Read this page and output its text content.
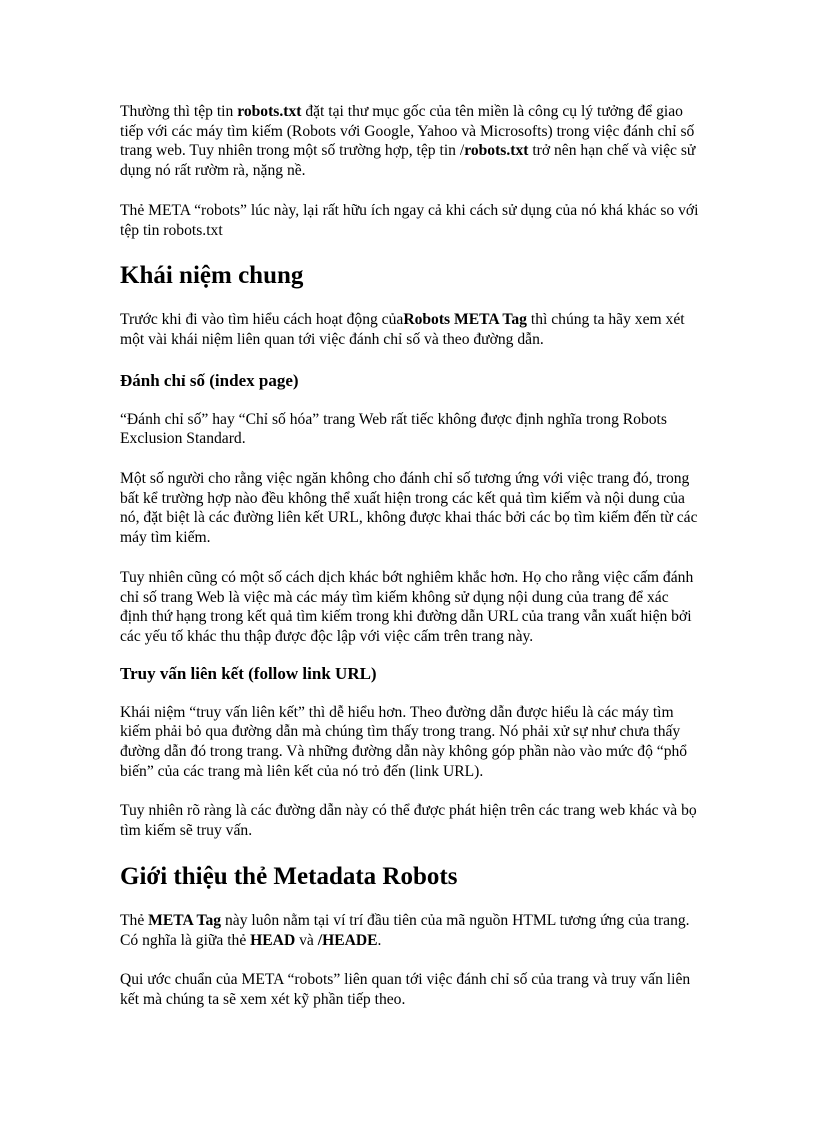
Thường thì tệp tin robots.txt đặt tại thư mục gốc của tên miền là công cụ lý tưởng để giao tiếp với các máy tìm kiếm (Robots với Google, Yahoo và Microsofts) trong việc đánh chỉ số trang web. Tuy nhiên trong một số trường hợp, tệp tin /robots.txt trở nên hạn chế và việc sử dụng nó rất rườm rà, nặng nề.

Thẻ META “robots” lúc này, lại rất hữu ích ngay cả khi cách sử dụng của nó khá khác so với tệp tin robots.txt

Khái niệm chung

Trước khi đi vào tìm hiểu cách hoạt động củaRobots META Tag thì chúng ta hãy xem xét một vài khái niệm liên quan tới việc đánh chỉ số và theo đường dẫn.

Đánh chỉ số (index page)

“Đánh chỉ số” hay “Chỉ số hóa” trang Web rất tiếc không được định nghĩa trong Robots Exclusion Standard.

Một số người cho rằng việc ngăn không cho đánh chỉ số tương ứng với việc trang đó, trong bất kể trường hợp nào đều không thể xuất hiện trong các kết quả tìm kiếm và nội dung của nó, đặt biệt là các đường liên kết URL, không được khai thác bởi các bọ tìm kiếm đến từ các máy tìm kiếm.

Tuy nhiên cũng có một số cách dịch khác bớt nghiêm khắc hơn. Họ cho rằng việc cấm đánh chỉ số trang Web là việc mà các máy tìm kiếm không sử dụng nội dung của trang để xác định thứ hạng trong kết quả tìm kiếm trong khi đường dẫn URL của trang vẫn xuất hiện bởi các yếu tố khác thu thập được độc lập với việc cấm trên trang này.

Truy vấn liên kết (follow link URL)

Khái niệm “truy vấn liên kết” thì dễ hiểu hơn. Theo đường dẫn được hiểu là các máy tìm kiếm phải bỏ qua đường dẫn mà chúng tìm thấy trong trang. Nó phải xử sự như chưa thấy đường dẫn đó trong trang. Và những đường dẫn này không góp phần nào vào mức độ “phổ biến” của các trang mà liên kết của nó trỏ đến (link URL).

Tuy nhiên rõ ràng là các đường dẫn này có thể được phát hiện trên các trang web khác và bọ tìm kiếm sẽ truy vấn.

Giới thiệu thẻ Metadata Robots

Thẻ META Tag này luôn nằm tại ví trí đầu tiên của mã nguồn HTML tương ứng của trang. Có nghĩa là giữa thẻ HEAD và /HEADE.

Qui ước chuẩn của META “robots” liên quan tới việc đánh chỉ số của trang và truy vấn liên kết mà chúng ta sẽ xem xét kỹ phần tiếp theo.
